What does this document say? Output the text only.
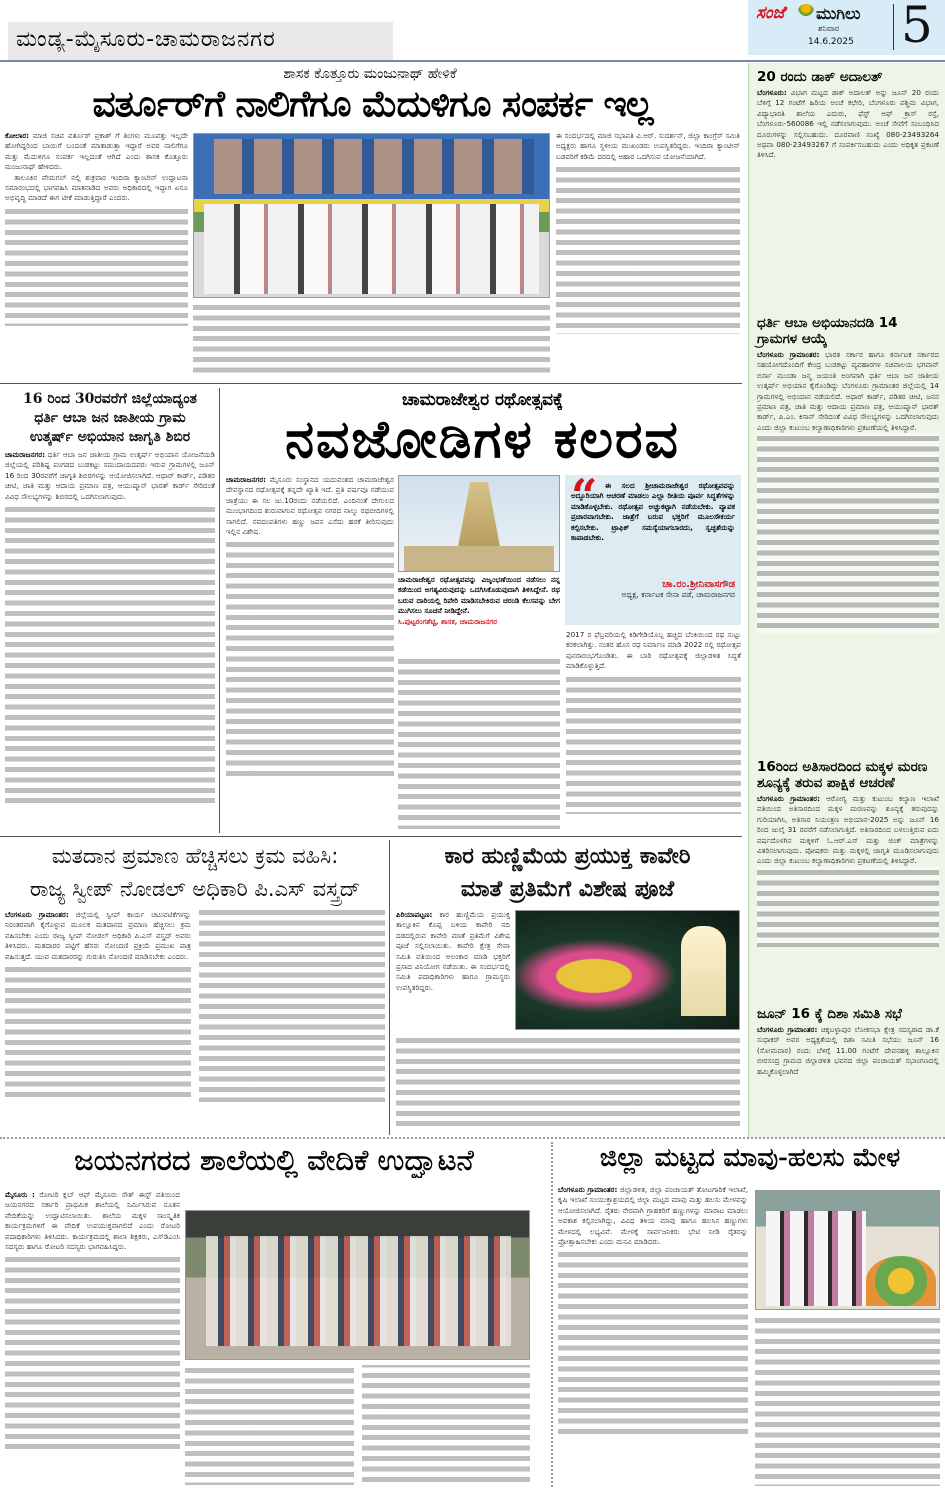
ಮಂಡ್ಯ-ಮೈಸೂರು-ಚಾಮರಾಜನಗರ
ಸಂಜೆ ಮುಗಿಲು
ಶನಿವಾರ
14.6.2025 5
ಶಾಸಕ ಕೊತ್ತೂರು ಮಂಜುನಾಥ್ ಹೇಳಿಕೆ
ವರ್ತೂರ್‌ಗೆ ನಾಲಿಗೆಗೂ ಮೆದುಳಿಗೂ ಸಂಪರ್ಕ ಇಲ್ಲ
ಕೋಲಾರ: ಮಾಜಿ ಸಚಿವ ವರ್ತೂರ್ ಪ್ರಕಾಶ್ ಗೆ ತಿಂಗಳು ಮೂವತ್ತು ಇಲ್ಲದೇ ಹೋಗಿದ್ದರಿಂದ ಬಾಯಿಗೆ ಬಂದಂತೆ ಮಾತಾಡುತ್ತಾ ಇದ್ದಾರೆ ಅವರ ನಾಲಿಗೆಗೂ ಮತ್ತು ಮೆದುಳಿಗೂ ಸಂಪರ್ಕ ಇಲ್ಲದಂತೆ ಆಗಿದೆ ಎಂದು ಶಾಸಕ ಕೊತ್ತೂರು ಮಂಜುನಾಥ್ ಹೇಳಿದರು.
ತಾಲೂಕಿನ ವೇಮಗಲ್ ನಲ್ಲಿ ಶುಕ್ರವಾರ ಇಂದಿರಾ ಕ್ಯಾಂಟೀನ್ ಉದ್ಘಾಟನಾ ಸಮಾರಂಭದಲ್ಲಿ ಭಾಗವಹಿಸಿ ಮಾತನಾಡಿದ ಅವರು ಅಧಿಕಾರದಲ್ಲಿ ಇದ್ದಾಗ ಏನೂ ಅಭಿವೃದ್ಧಿ ಮಾಡದೆ ಈಗ ಟೀಕೆ ಮಾಡುತ್ತಿದ್ದಾರೆ ಎಂದರು.
ಈ ಸಂದರ್ಭದಲ್ಲಿ ಮಾಜಿ ಸಭಾಪತಿ ವಿ.ಆರ್. ಸುದರ್ಶನ್, ಜಿಲ್ಲಾ ಕಾಂಗ್ರೆಸ್ ಸಮಿತಿ ಅಧ್ಯಕ್ಷರು ಹಾಗೂ ಸ್ಥಳೀಯ ಮುಖಂಡರು ಉಪಸ್ಥಿತರಿದ್ದರು. ಇಂದಿರಾ ಕ್ಯಾಂಟೀನ್ ಬಡವರಿಗೆ ಕಡಿಮೆ ದರದಲ್ಲಿ ಆಹಾರ ಒದಗಿಸುವ ಯೋಜನೆಯಾಗಿದೆ.
16 ರಿಂದ 30ರವರೆಗೆ ಜಿಲ್ಲೆಯಾದ್ಯಂತ
ಧರ್ತಿ ಆಬಾ ಜನ ಜಾತೀಯ ಗ್ರಾಮ
ಉತ್ಕರ್ಷ್ ಅಭಿಯಾನ ಜಾಗೃತಿ ಶಿಬಿರ
ಚಾಮರಾಜನಗರ: ಧರ್ತಿ ಆಬಾ ಜನ ಜಾತೀಯ ಗ್ರಾಮ ಉತ್ಕರ್ಷ್ ಅಭಿಯಾನ ಯೋಜನೆಯಡಿ ಜಿಲ್ಲೆಯಲ್ಲಿ ಪರಿಶಿಷ್ಟ ಪಂಗಡದ ಬುಡಕಟ್ಟು ಸಮುದಾಯದವರು ಇರುವ ಗ್ರಾಮಗಳಲ್ಲಿ ಜೂನ್ 16 ರಿಂದ 30ರವರೆಗೆ ಜಾಗೃತಿ ಶಿಬಿರಗಳನ್ನು ಆಯೋಜಿಸಲಾಗಿದೆ. ಆಧಾರ್ ಕಾರ್ಡ್, ಪಡಿತರ ಚೀಟಿ, ಜಾತಿ ಮತ್ತು ಆದಾಯ ಪ್ರಮಾಣ ಪತ್ರ, ಆಯುಷ್ಮಾನ್ ಭಾರತ್ ಕಾರ್ಡ್ ಸೇರಿದಂತೆ ವಿವಿಧ ಸೌಲಭ್ಯಗಳನ್ನು ಶಿಬಿರದಲ್ಲಿ ಒದಗಿಸಲಾಗುವುದು.
ಚಾಮರಾಜೇಶ್ವರ ರಥೋತ್ಸವಕ್ಕೆ
ನವಜೋಡಿಗಳ ಕಲರವ
ಚಾಮರಾಜನಗರ: ಮೈಸೂರು ಸಂಸ್ಥಾನದ ಯದುವಂಶದ ಚಾಮರಾಜೇಶ್ವರ ದೇವಸ್ಥಾನದ ರಥೋತ್ಸವಕ್ಕೆ ತನ್ನದೇ ಖ್ಯಾತಿ ಇದೆ. ಪ್ರತಿ ವರ್ಷವೂ ನಡೆಯುವ ಜಾತ್ರೆಯು ಈ ಸಲ ಜು.10ರಂದು ನಡೆಯಲಿದೆ. ಎಂದಿನಂತೆ ದೇಗುಲದ ಮುಂಭಾಗದಿಂದ ಶುರುವಾಗುವ ರಥೋತ್ಸವ ನಗರದ ನಾಲ್ಕು ರಥಬೀದಿಗಳಲ್ಲಿ ಸಾಗಲಿದೆ. ನವದಂಪತಿಗಳು ಹಣ್ಣು ಜವನ ಎಸೆದು ಹರಕೆ ತೀರಿಸುವುದು ಇಲ್ಲಿನ ವಿಶೇಷ.
ಚಾಮರಾಜೇಶ್ವರ ರಥೋತ್ಸವವನ್ನು ವಿಜೃಂಭಣೆಯಿಂದ ನಡೆಸಲು ನನ್ನ ಕಡೆಯಿಂದ ಅಗತ್ಯವಿರುವುದನ್ನು ಒದಗಿಸಿಕೊಡುವುದಾಗಿ ತಿಳಿಸಿದ್ದೇನೆ. ರಥ ಬರುವ ದಾರಿಯಲ್ಲಿ ರಿಪೇರಿ ಮಾಡಿಸಬೇಕಿರುವ ಚರಂಡಿ ಕೆಲಸವನ್ನು ಬೇಗ ಮುಗಿಸಲು ಸೂಚನೆ ನೀಡಿದ್ದೇನೆ.
ಸಿ.ಪುಟ್ಟರಂಗಶೆಟ್ಟಿ, ಶಾಸಕ, ಚಾಮರಾಜನಗರ
“	ಈ ಸಲದ ಶ್ರೀಚಾಮರಾಜೇಶ್ವರ ರಥೋತ್ಸವವನ್ನು ಅದ್ದೂರಿಯಾಗಿ ಆಚರಣೆ ಮಾಡಲು ಎಲ್ಲಾ ರೀತಿಯ ಪೂರ್ವ ಸಿದ್ಧತೆಗಳನ್ನು ಮಾಡಿಕೊಳ್ಳಬೇಕು. ರಥೋತ್ಸವ ಅಚ್ಚುಕಟ್ಟಾಗಿ ನಡೆಯಬೇಕು. ವ್ಯಾಪಕ ಪ್ರಚಾರವಾಗಬೇಕು. ಜಾತ್ರೆಗೆ ಬರುವ ಭಕ್ತರಿಗೆ ಮೂಲಸೌಕರ್ಯ ಕಲ್ಪಿಸಬೇಕು. ಟ್ರಾಫಿಕ್ ಸಮಸ್ಯೆಯಾಗಬಾರದು, ಸ್ವಚ್ಛತೆಯನ್ನು ಕಾಪಾಡಬೇಕು.
ಚಾ.ರಂ.ಶ್ರೀನಿವಾಸಗೌಡ
ಅಧ್ಯಕ್ಷ, ಕರ್ನಾಟಕ ಸೇನಾ ಪಡೆ, ಚಾಮರಾಜನಗರ
2017 ರ ಫೆಬ್ರವರಿಯಲ್ಲಿ ಕಿಡಿಗೇಡಿಯೊಬ್ಬ ಹಚ್ಚಿದ ಬೆಂಕಿಯಿಂದ ರಥ ಸುಟ್ಟು ಕರಕಲಾಗಿತ್ತು. ನಂತರ ಹೊಸ ರಥ ನಿರ್ಮಾಣ ಮಾಡಿ 2022 ರಲ್ಲಿ ರಥೋತ್ಸವ ಪುನರಾರಂಭಗೊಂಡಿತು. ಈ ಬಾರಿ ರಥೋತ್ಸವಕ್ಕೆ ಜಿಲ್ಲಾಡಳಿತ ಸಿದ್ಧತೆ ಮಾಡಿಕೊಳ್ಳುತ್ತಿದೆ.
ಮತದಾನ ಪ್ರಮಾಣ ಹೆಚ್ಚಿಸಲು ಕ್ರಮ ವಹಿಸಿ:
ರಾಜ್ಯ ಸ್ವೀಪ್ ನೋಡಲ್ ಅಧಿಕಾರಿ ಪಿ.ಎಸ್ ವಸ್ತ್ರದ್
ಬೆಂಗಳೂರು ಗ್ರಾಮಾಂತರ: ಜಿಲ್ಲೆಯಲ್ಲಿ ಸ್ವೀಪ್ ಕಾರ್ಯ ಚಟುವಟಿಕೆಗಳನ್ನು ನಿರಂತರವಾಗಿ ಕೈಗೊಳ್ಳುವ ಮೂಲಕ ಮತದಾನದ ಪ್ರಮಾಣ ಹೆಚ್ಚಿಸಲು ಕ್ರಮ ವಹಿಸಬೇಕು ಎಂದು ರಾಜ್ಯ ಸ್ವೀಪ್ ನೋಡಲ್ ಅಧಿಕಾರಿ ಪಿ.ಎಸ್ ವಸ್ತ್ರದ್ ಅವರು ತಿಳಿಸಿದರು. ಮತದಾರರ ಪಟ್ಟಿಗೆ ಹೆಸರು ನೋಂದಣಿ ಪ್ರಕ್ರಿಯೆ ಪ್ರಮುಖ ಪಾತ್ರ ವಹಿಸುತ್ತದೆ. ಯುವ ಮತದಾರರನ್ನು ಗುರುತಿಸಿ ನೋಂದಣಿ ಮಾಡಿಸಬೇಕು ಎಂದರು.
ಕಾರ ಹುಣ್ಣಿಮೆಯ ಪ್ರಯುಕ್ತ ಕಾವೇರಿ
ಮಾತೆ ಪ್ರತಿಮೆಗೆ ವಿಶೇಷ ಪೂಜೆ
ಪಿರಿಯಾಪಟ್ಟಣ: ಕಾರ ಹುಣ್ಣಿಮೆಯ ಪ್ರಯುಕ್ತ ತಾಲ್ಲೂಕಿನ ಕೊಪ್ಪ ಬಳಿಯ ಕಾವೇರಿ ನದಿ ದಡದಲ್ಲಿರುವ ಕಾವೇರಿ ಮಾತೆ ಪ್ರತಿಮೆಗೆ ವಿಶೇಷ ಪೂಜೆ ಸಲ್ಲಿಸಲಾಯಿತು. ಕಾವೇರಿ ಕ್ಷೇತ್ರ ಸೇವಾ ಸಮಿತಿ ವತಿಯಿಂದ ಅಲಂಕಾರ ಮಾಡಿ ಭಕ್ತರಿಗೆ ಪ್ರಸಾದ ವಿನಿಯೋಗ ನಡೆಯಿತು. ಈ ಸಂದರ್ಭದಲ್ಲಿ ಸಮಿತಿ ಪದಾಧಿಕಾರಿಗಳು ಹಾಗೂ ಗ್ರಾಮಸ್ಥರು ಉಪಸ್ಥಿತರಿದ್ದರು.
20 ರಂದು ಡಾಕ್ ಅದಾಲತ್
ಬೆಂಗಳೂರು: ವಿಭಾಗ ಮಟ್ಟದ ಡಾಕ್ ಅದಾಲತ್ ಅನ್ನು ಜೂನ್ 20 ರಂದು ಬೆಳಿಗ್ಗೆ 12 ಗಂಟೆಗೆ ಹಿರಿಯ ಅಂಚೆ ಕಛೇರಿ, ಬೆಂಗಳೂರು ಪಶ್ಚಿಮ ವಿಭಾಗ, ವಿದ್ಯಾಭಾರತಿ ಶಾಲೆಯ ಎದುರು, ಫೆಸ್ಟ್ ಆಫ್ ಕ್ರಾಸ್ ರಸ್ತೆ, ಬೆಂಗಳೂರು-560086 ಇಲ್ಲಿ ನಡೆಸಲಾಗುವುದು. ಅಂಚೆ ಸೇವೆಗೆ ಸಂಬಂಧಿಸಿದ ದೂರುಗಳನ್ನು ಸಲ್ಲಿಸಬಹುದು. ದೂರವಾಣಿ ಸಂಖ್ಯೆ 080-23493264 ಅಥವಾ 080-23493267 ಗೆ ಸಂಪರ್ಕಿಸಬಹುದು ಎಂದು ಅಧಿಕೃತ ಪ್ರಕಟಣೆ ತಿಳಿಸಿದೆ.
ಧರ್ತಿ ಆಬಾ ಅಭಿಯಾನದಡಿ 14 ಗ್ರಾಮಗಳ ಆಯ್ಕೆ
ಬೆಂಗಳೂರು ಗ್ರಾಮಾಂತರ: ಭಾರತ ಸರ್ಕಾರ ಹಾಗೂ ಕರ್ನಾಟಕ ಸರ್ಕಾರದ ಸಹಯೋಗದೊಂದಿಗೆ ಕೇಂದ್ರ ಬುಡಕಟ್ಟು ವ್ಯವಹಾರಗಳ ಸಚಿವಾಲಯ ಭಗವಾನ್ ಬಿರ್ಸಾ ಮುಂಡಾ ಜನ್ಮ ಜಯಂತಿ ಅಂಗವಾಗಿ ಧರ್ತಿ ಆಬಾ ಜನ ಜಾತೀಯ ಉತ್ಕರ್ಷ್ ಅಭಿಯಾನ ಕೈಗೊಂಡಿದ್ದು ಬೆಂಗಳೂರು ಗ್ರಾಮಾಂತರ ಜಿಲ್ಲೆಯಲ್ಲಿ 14 ಗ್ರಾಮಗಳಲ್ಲಿ ಅಭಿಯಾನ ನಡೆಯಲಿದೆ. ಆಧಾರ್ ಕಾರ್ಡ್, ಪಡಿತರ ಚೀಟಿ, ಜನನ ಪ್ರಮಾಣ ಪತ್ರ, ಜಾತಿ ಮತ್ತು ಆದಾಯ ಪ್ರಮಾಣ ಪತ್ರ, ಆಯುಷ್ಮಾನ್ ಭಾರತ್ ಕಾರ್ಡ್, ಪಿ.ಎಂ. ಕಿಸಾನ್ ಸೇರಿದಂತೆ ವಿವಿಧ ಸೌಲಭ್ಯಗಳನ್ನು ಒದಗಿಸಲಾಗುವುದು ಎಂದು ಜಿಲ್ಲಾ ಕುಟುಂಬ ಕಲ್ಯಾಣಾಧಿಕಾರಿಗಳು ಪ್ರಕಟಣೆಯಲ್ಲಿ ತಿಳಿಸಿದ್ದಾರೆ.
16ರಿಂದ ಅತಿಸಾರದಿಂದ ಮಕ್ಕಳ ಮರಣ ಶೂನ್ಯಕ್ಕೆ ತರುವ ಪಾಕ್ಷಿಕ ಆಚರಣೆ
ಬೆಂಗಳೂರು ಗ್ರಾಮಾಂತರ: ಆರೋಗ್ಯ ಮತ್ತು ಕುಟುಂಬ ಕಲ್ಯಾಣ ಇಲಾಖೆ ವತಿಯಿಂದ ಅತಿಸಾರದಿಂದ ಮಕ್ಕಳ ಮರಣವನ್ನು ಶೂನ್ಯಕ್ಕೆ ತರುವುದನ್ನು ಗುರಿಯಾಗಿಸಿ, ಅತಿಸಾರ ನಿಯಂತ್ರಣ ಅಭಿಯಾನ-2025 ಅನ್ನು ಜೂನ್ 16 ರಿಂದ ಜುಲೈ 31 ರವರೆಗೆ ನಡೆಸಲಾಗುತ್ತಿದೆ. ಅತಿಸಾರದಿಂದ ಬಳಲುತ್ತಿರುವ ಐದು ವರ್ಷದೊಳಗಿನ ಮಕ್ಕಳಿಗೆ ಓ.ಆರ್.ಎಸ್ ಮತ್ತು ಜಿಂಕ್ ಮಾತ್ರೆಗಳನ್ನು ವಿತರಿಸಲಾಗುವುದು. ಪೋಷಕರು ಮತ್ತು ಮಕ್ಕಳಲ್ಲಿ ಜಾಗೃತಿ ಮೂಡಿಸಲಾಗುವುದು ಎಂದು ಜಿಲ್ಲಾ ಕುಟುಂಬ ಕಲ್ಯಾಣಾಧಿಕಾರಿಗಳು ಪ್ರಕಟಣೆಯಲ್ಲಿ ತಿಳಿಸಿದ್ದಾರೆ.
ಜೂನ್ 16 ಕ್ಕೆ ದಿಶಾ ಸಮಿತಿ ಸಭೆ
ಬೆಂಗಳೂರು ಗ್ರಾಮಾಂತರ: ಚಿಕ್ಕಬಳ್ಳಾಪುರ ಲೋಕಸಭಾ ಕ್ಷೇತ್ರ ಸದಸ್ಯರಾದ ಡಾ.ಕೆ ಸುಧಾಕರ್ ಅವರ ಅಧ್ಯಕ್ಷತೆಯಲ್ಲಿ ದಿಶಾ ಸಮಿತಿ ಸಭೆಯು ಜೂನ್ 16 (ಸೋಮವಾರ) ರಂದು ಬೆಳಿಗ್ಗೆ 11.00 ಗಂಟೆಗೆ ದೇವನಹಳ್ಳಿ ತಾಲ್ಲೂಕಿನ ಬೀರಸಂದ್ರ ಗ್ರಾಮದ ಜಿಲ್ಲಾಡಳಿತ ಭವನದ ಜಿಲ್ಲಾ ಪಂಚಾಯತ್ ಸಭಾಂಗಣದಲ್ಲಿ ಹಮ್ಮಿಕೊಳ್ಳಲಾಗಿದೆ
ಜಯನಗರದ ಶಾಲೆಯಲ್ಲಿ ವೇದಿಕೆ ಉದ್ಘಾಟನೆ
ಮೈಸೂರು : ರೋಟರಿ ಕ್ಲಬ್ ಆಫ್ ಮೈಸೂರು ಸೌತ್ ಈಸ್ಟ್ ವತಿಯಿಂದ ಜಯನಗರದ ಸರ್ಕಾರಿ ಪ್ರಾಥಮಿಕ ಶಾಲೆಯಲ್ಲಿ ನಿರ್ಮಿಸಿರುವ ನೂತನ ವೇದಿಕೆಯನ್ನು ಉದ್ಘಾಟಿಸಲಾಯಿತು. ಶಾಲೆಯ ಮಕ್ಕಳ ಸಾಂಸ್ಕೃತಿಕ ಕಾರ್ಯಕ್ರಮಗಳಿಗೆ ಈ ವೇದಿಕೆ ಉಪಯುಕ್ತವಾಗಲಿದೆ ಎಂದು ರೋಟರಿ ಪದಾಧಿಕಾರಿಗಳು ತಿಳಿಸಿದರು. ಕಾರ್ಯಕ್ರಮದಲ್ಲಿ ಶಾಲಾ ಶಿಕ್ಷಕರು, ಎಸ್‌ಡಿಎಂಸಿ ಸದಸ್ಯರು ಹಾಗೂ ರೋಟರಿ ಸದಸ್ಯರು ಭಾಗವಹಿಸಿದ್ದರು.
ಜಿಲ್ಲಾ ಮಟ್ಟದ ಮಾವು-ಹಲಸು ಮೇಳ
ಬೆಂಗಳೂರು ಗ್ರಾಮಾಂತರ: ಜಿಲ್ಲಾಡಳಿತ, ಜಿಲ್ಲಾ ಪಂಚಾಯತ್ ತೋಟಗಾರಿಕೆ ಇಲಾಖೆ, ಕೃಷಿ ಇಲಾಖೆ ಸಂಯುಕ್ತಾಶ್ರಯದಲ್ಲಿ ಜಿಲ್ಲಾ ಮಟ್ಟದ ಮಾವು ಮತ್ತು ಹಲಸು ಮೇಳವನ್ನು ಆಯೋಜಿಸಲಾಗಿದೆ. ರೈತರು ನೇರವಾಗಿ ಗ್ರಾಹಕರಿಗೆ ಹಣ್ಣುಗಳನ್ನು ಮಾರಾಟ ಮಾಡಲು ಅವಕಾಶ ಕಲ್ಪಿಸಲಾಗಿದ್ದು, ವಿವಿಧ ತಳಿಯ ಮಾವು ಹಾಗೂ ಹಲಸಿನ ಹಣ್ಣುಗಳು ಮೇಳದಲ್ಲಿ ಲಭ್ಯವಿವೆ. ಮೇಳಕ್ಕೆ ಸಾರ್ವಜನಿಕರು ಭೇಟಿ ನೀಡಿ ರೈತರನ್ನು ಪ್ರೋತ್ಸಾಹಿಸಬೇಕು ಎಂದು ಮನವಿ ಮಾಡಿದರು.
